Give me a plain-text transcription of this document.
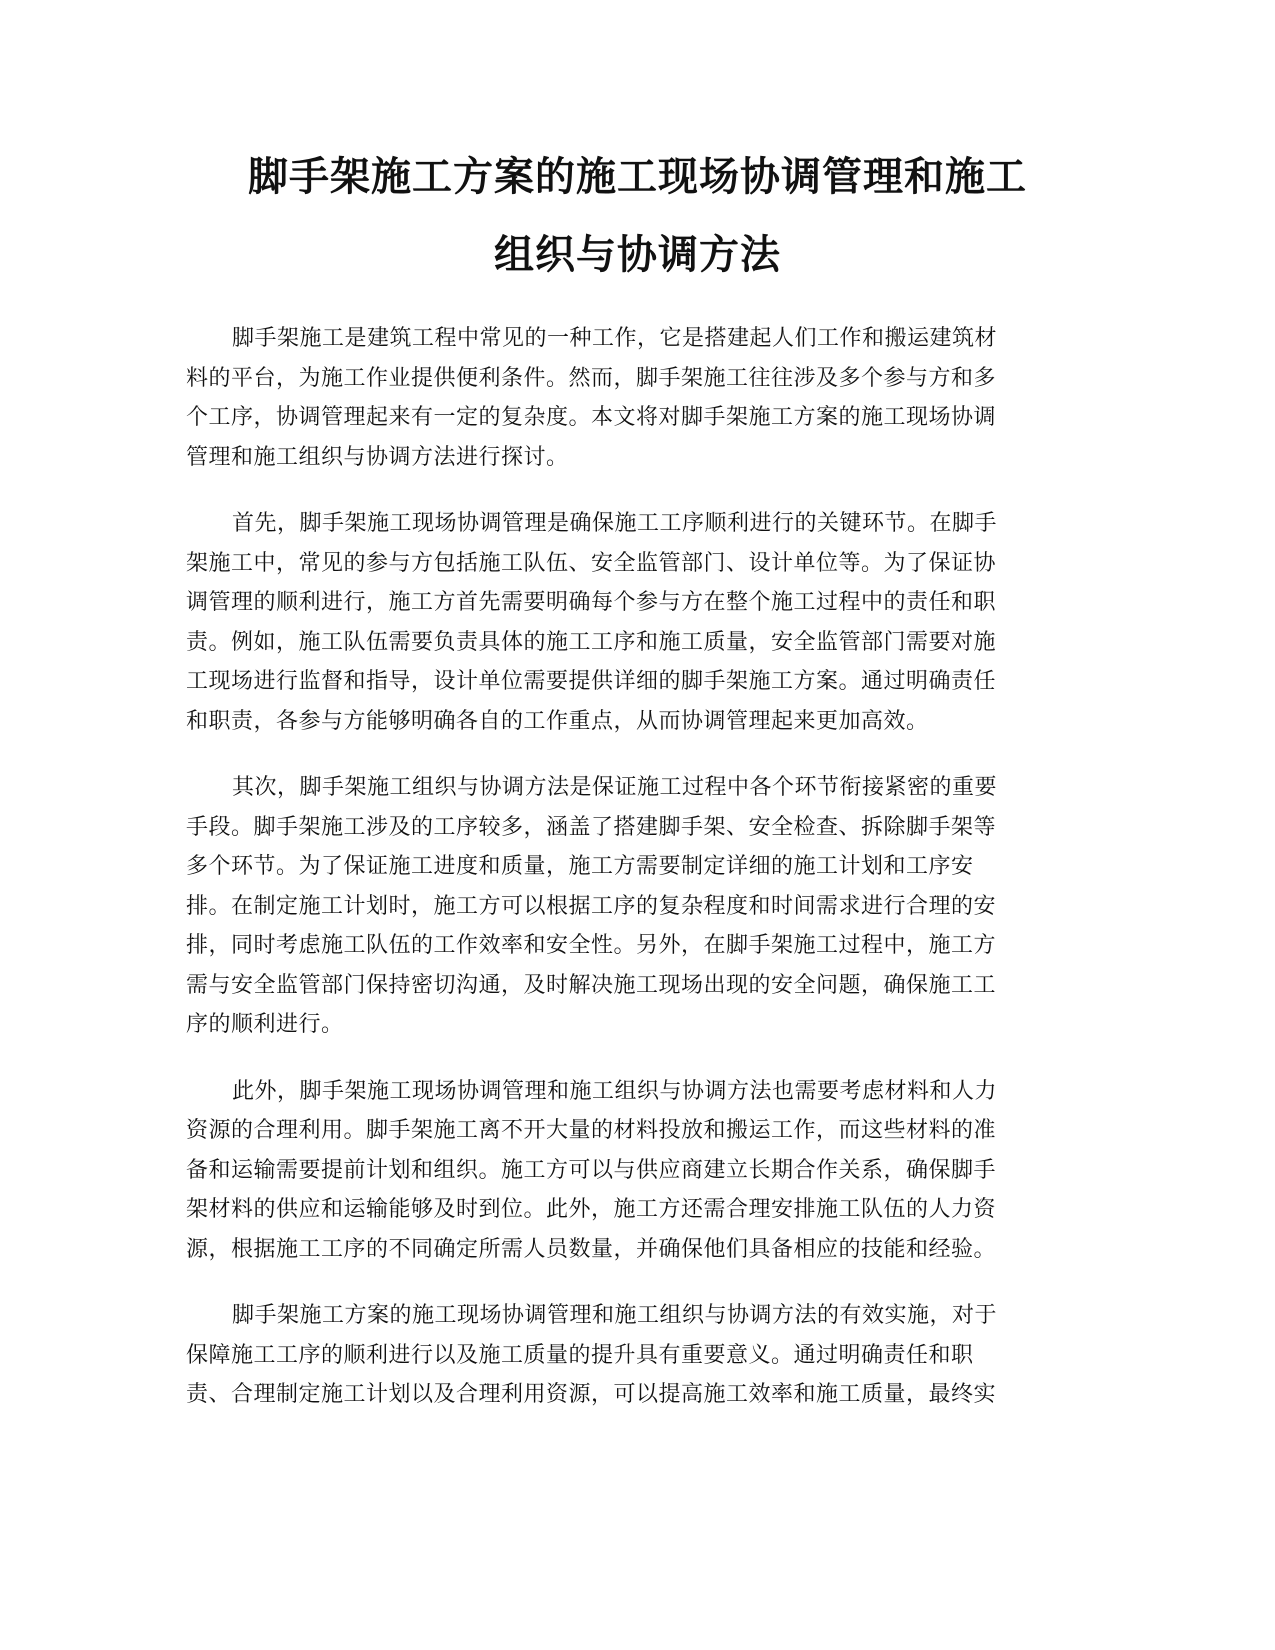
脚手架施工方案的施工现场协调管理和施工
组织与协调方法

脚手架施工是建筑工程中常见的一种工作，它是搭建起人们工作和搬运建筑材
料的平台，为施工作业提供便利条件。然而，脚手架施工往往涉及多个参与方和多
个工序，协调管理起来有一定的复杂度。本文将对脚手架施工方案的施工现场协调
管理和施工组织与协调方法进行探讨。

首先，脚手架施工现场协调管理是确保施工工序顺利进行的关键环节。在脚手
架施工中，常见的参与方包括施工队伍、安全监管部门、设计单位等。为了保证协
调管理的顺利进行，施工方首先需要明确每个参与方在整个施工过程中的责任和职
责。例如，施工队伍需要负责具体的施工工序和施工质量，安全监管部门需要对施
工现场进行监督和指导，设计单位需要提供详细的脚手架施工方案。通过明确责任
和职责，各参与方能够明确各自的工作重点，从而协调管理起来更加高效。

其次，脚手架施工组织与协调方法是保证施工过程中各个环节衔接紧密的重要
手段。脚手架施工涉及的工序较多，涵盖了搭建脚手架、安全检查、拆除脚手架等
多个环节。为了保证施工进度和质量，施工方需要制定详细的施工计划和工序安
排。在制定施工计划时，施工方可以根据工序的复杂程度和时间需求进行合理的安
排，同时考虑施工队伍的工作效率和安全性。另外，在脚手架施工过程中，施工方
需与安全监管部门保持密切沟通，及时解决施工现场出现的安全问题，确保施工工
序的顺利进行。

此外，脚手架施工现场协调管理和施工组织与协调方法也需要考虑材料和人力
资源的合理利用。脚手架施工离不开大量的材料投放和搬运工作，而这些材料的准
备和运输需要提前计划和组织。施工方可以与供应商建立长期合作关系，确保脚手
架材料的供应和运输能够及时到位。此外，施工方还需合理安排施工队伍的人力资
源，根据施工工序的不同确定所需人员数量，并确保他们具备相应的技能和经验。

脚手架施工方案的施工现场协调管理和施工组织与协调方法的有效实施，对于
保障施工工序的顺利进行以及施工质量的提升具有重要意义。通过明确责任和职
责、合理制定施工计划以及合理利用资源，可以提高施工效率和施工质量，最终实
